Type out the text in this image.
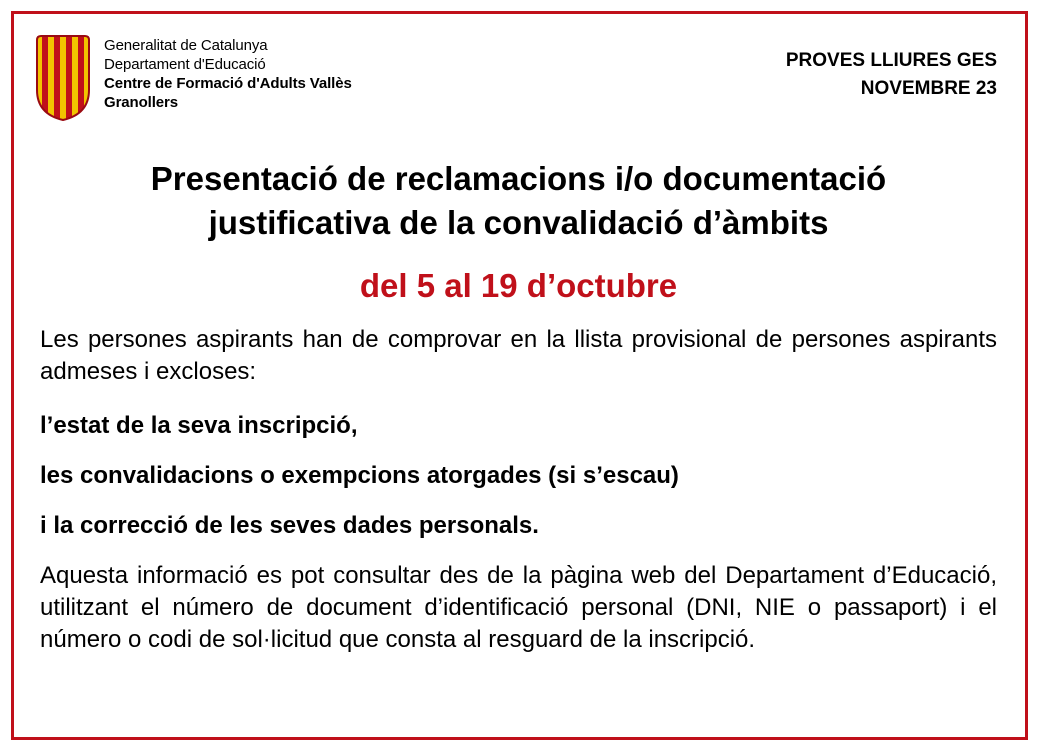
Generalitat de Catalunya
Departament d'Educació
Centre de Formació d'Adults Vallès
Granollers
PROVES LLIURES GES
NOVEMBRE 23
Presentació de reclamacions i/o documentació
justificativa de la convalidació d’àmbits
del 5 al 19 d’octubre
Les persones aspirants han de comprovar en la llista provisional de persones aspirants admeses i excloses:
l’estat de la seva inscripció,
les convalidacions o exempcions atorgades (si s’escau)
i la correcció de les seves dades personals.
Aquesta informació es pot consultar des de la pàgina web del Departament d’Educació, utilitzant el número de document d’identificació personal (DNI, NIE o passaport) i el número o codi de sol·licitud que consta al resguard de la inscripció.
